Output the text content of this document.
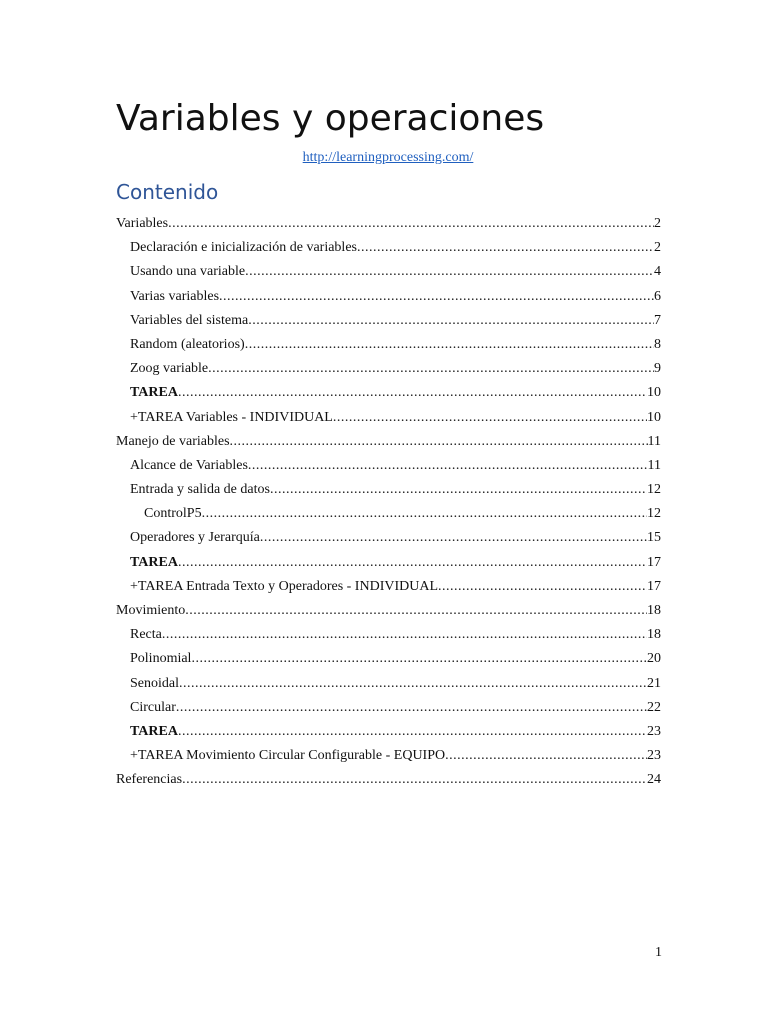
Variables y operaciones
http://learningprocessing.com/
Contenido
Variables .....	2
Declaración e inicialización de variables .....	2
Usando una variable .....	4
Varias variables .....	6
Variables del sistema .....	7
Random (aleatorios) .....	8
Zoog variable .....	9
TAREA .....	10
+TAREA Variables - INDIVIDUAL .....	10
Manejo de variables .....	11
Alcance de Variables .....	11
Entrada y salida de datos .....	12
ControlP5 .....	12
Operadores y Jerarquía .....	15
TAREA .....	17
+TAREA Entrada Texto y Operadores - INDIVIDUAL .....	17
Movimiento .....	18
Recta .....	18
Polinomial .....	20
Senoidal .....	21
Circular .....	22
TAREA .....	23
+TAREA Movimiento Circular Configurable - EQUIPO .....	23
Referencias .....	24
1
